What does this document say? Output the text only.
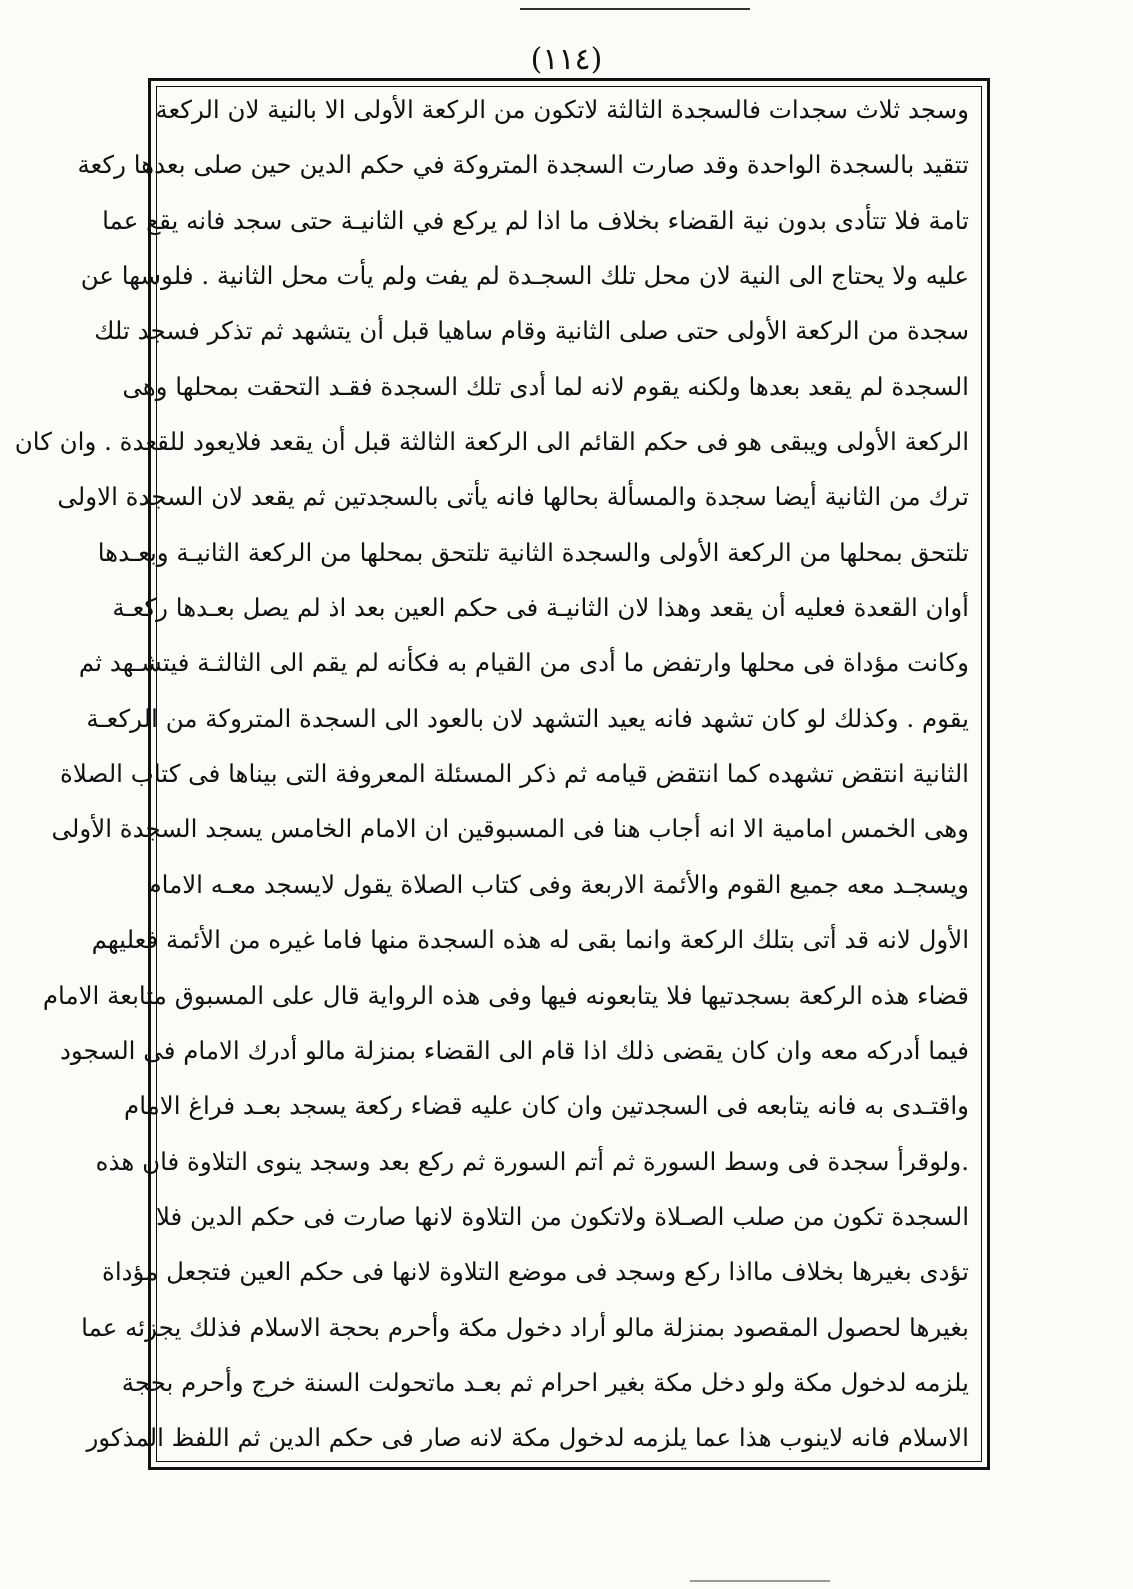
(١١٤)
وسجد ثلاث سجدات فالسجدة الثالثة لاتكون من الركعة الأولى الا بالنية لان الركعة
تتقيد بالسجدة الواحدة وقد صارت السجدة المتروكة في حكم الدين حين صلى بعدها ركعة
تامة فلا تتأدى بدون نية القضاء بخلاف ما اذا لم يركع في الثانيـة حتى سجد فانه يقع عما
عليه ولا يحتاج الى النية لان محل تلك السجـدة لم يفت ولم يأت محل الثانية . فلوسها عن
سجدة من الركعة الأولى حتى صلى الثانية وقام ساهيا قبل أن يتشهد ثم تذكر فسجد تلك
السجدة لم يقعد بعدها ولكنه يقوم لانه لما أدى تلك السجدة فقـد التحقت بمحلها وهى
الركعة الأولى ويبقى هو فى حكم القائم الى الركعة الثالثة قبل أن يقعد فلايعود للقعدة . وان كان
ترك من الثانية أيضا سجدة والمسألة بحالها فانه يأتى بالسجدتين ثم يقعد لان السجدة الاولى
تلتحق بمحلها من الركعة الأولى والسجدة الثانية تلتحق بمحلها من الركعة الثانيـة وبعـدها
أوان القعدة فعليه أن يقعد وهذا لان الثانيـة فى حكم العين بعد اذ لم يصل بعـدها ركعـة
وكانت مؤداة فى محلها وارتفض ما أدى من القيام به فكأنه لم يقم الى الثالثـة فيتشـهد ثم
يقوم . وكذلك لو كان تشهد فانه يعيد التشهد لان بالعود الى السجدة المتروكة من الركعـة
الثانية انتقض تشهده كما انتقض قيامه ثم ذكر المسئلة المعروفة التى بيناها فى كتاب الصلاة
وهى الخمس امامية الا انه أجاب هنا فى المسبوقين ان الامام الخامس يسجد السجدة الأولى
ويسجـد معه جميع القوم والأئمة الاربعة وفى كتاب الصلاة يقول لايسجد معـه الامام
الأول لانه قد أتى بتلك الركعة وانما بقى له هذه السجدة منها فاما غيره من الأئمة فعليهم
قضاء هذه الركعة بسجدتيها فلا يتابعونه فيها وفى هذه الرواية قال على المسبوق متابعة الامام
فيما أدركه معه وان كان يقضى ذلك اذا قام الى القضاء بمنزلة مالو أدرك الامام فى السجود
واقتـدى به فانه يتابعه فى السجدتين وان كان عليه قضاء ركعة يسجد بعـد فراغ الامام
.ولوقرأ سجدة فى وسط السورة ثم أتم السورة ثم ركع بعد وسجد ينوى التلاوة فان هذه
السجدة تكون من صلب الصـلاة ولاتكون من التلاوة لانها صارت فى حكم الدين فلا
تؤدى بغيرها بخلاف مااذا ركع وسجد فى موضع التلاوة لانها فى حكم العين فتجعل مؤداة
بغيرها لحصول المقصود بمنزلة مالو أراد دخول مكة وأحرم بحجة الاسلام فذلك يجزئه عما
يلزمه لدخول مكة ولو دخل مكة بغير احرام ثم بعـد ماتحولت السنة خرج وأحرم بحجة
الاسلام فانه لاينوب هذا عما يلزمه لدخول مكة لانه صار فى حكم الدين ثم اللفظ المذكور
